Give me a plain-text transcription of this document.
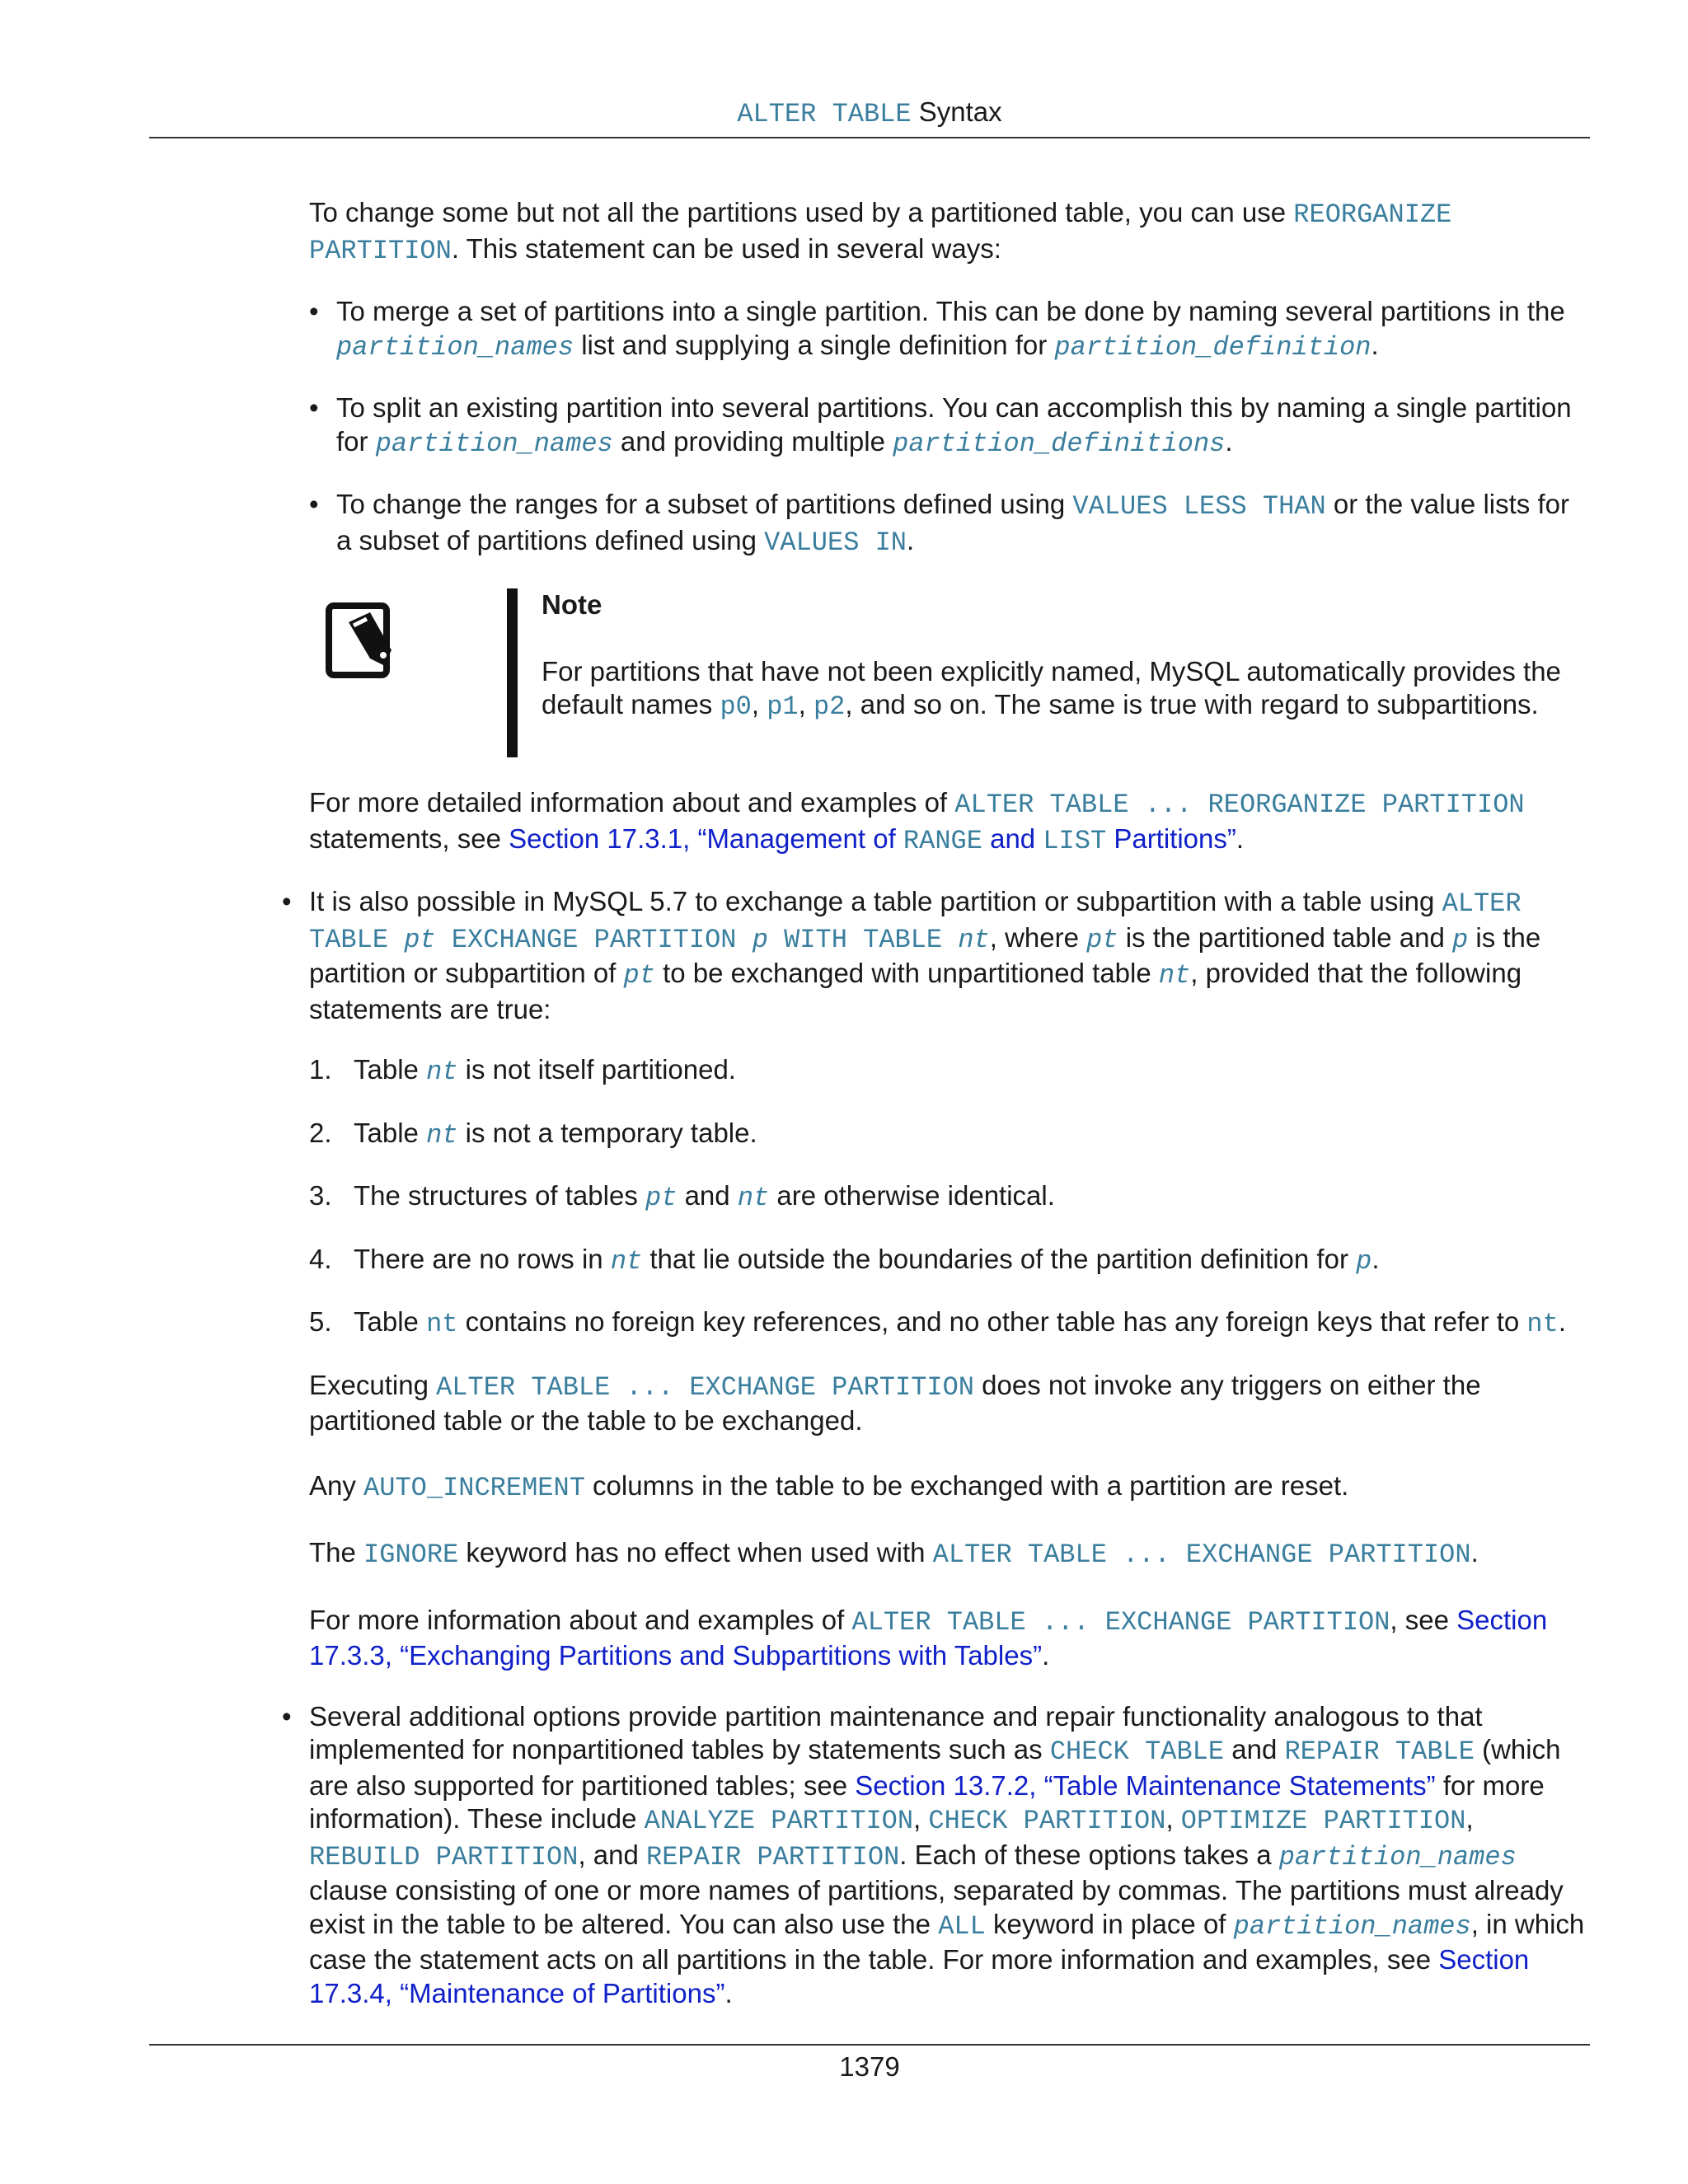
ALTER TABLE Syntax

To change some but not all the partitions used by a partitioned table, you can use REORGANIZE PARTITION. This statement can be used in several ways:

• To merge a set of partitions into a single partition. This can be done by naming several partitions in the partition_names list and supplying a single definition for partition_definition.

• To split an existing partition into several partitions. You can accomplish this by naming a single partition for partition_names and providing multiple partition_definitions.

• To change the ranges for a subset of partitions defined using VALUES LESS THAN or the value lists for a subset of partitions defined using VALUES IN.

Note

For partitions that have not been explicitly named, MySQL automatically provides the default names p0, p1, p2, and so on. The same is true with regard to subpartitions.

For more detailed information about and examples of ALTER TABLE ... REORGANIZE PARTITION statements, see Section 17.3.1, “Management of RANGE and LIST Partitions”.

• It is also possible in MySQL 5.7 to exchange a table partition or subpartition with a table using ALTER TABLE pt EXCHANGE PARTITION p WITH TABLE nt, where pt is the partitioned table and p is the partition or subpartition of pt to be exchanged with unpartitioned table nt, provided that the following statements are true:

1. Table nt is not itself partitioned.

2. Table nt is not a temporary table.

3. The structures of tables pt and nt are otherwise identical.

4. There are no rows in nt that lie outside the boundaries of the partition definition for p.

5. Table nt contains no foreign key references, and no other table has any foreign keys that refer to nt.

Executing ALTER TABLE ... EXCHANGE PARTITION does not invoke any triggers on either the partitioned table or the table to be exchanged.

Any AUTO_INCREMENT columns in the table to be exchanged with a partition are reset.

The IGNORE keyword has no effect when used with ALTER TABLE ... EXCHANGE PARTITION.

For more information about and examples of ALTER TABLE ... EXCHANGE PARTITION, see Section 17.3.3, “Exchanging Partitions and Subpartitions with Tables”.

• Several additional options provide partition maintenance and repair functionality analogous to that implemented for nonpartitioned tables by statements such as CHECK TABLE and REPAIR TABLE (which are also supported for partitioned tables; see Section 13.7.2, “Table Maintenance Statements” for more information). These include ANALYZE PARTITION, CHECK PARTITION, OPTIMIZE PARTITION, REBUILD PARTITION, and REPAIR PARTITION. Each of these options takes a partition_names clause consisting of one or more names of partitions, separated by commas. The partitions must already exist in the table to be altered. You can also use the ALL keyword in place of partition_names, in which case the statement acts on all partitions in the table. For more information and examples, see Section 17.3.4, “Maintenance of Partitions”.

1379
